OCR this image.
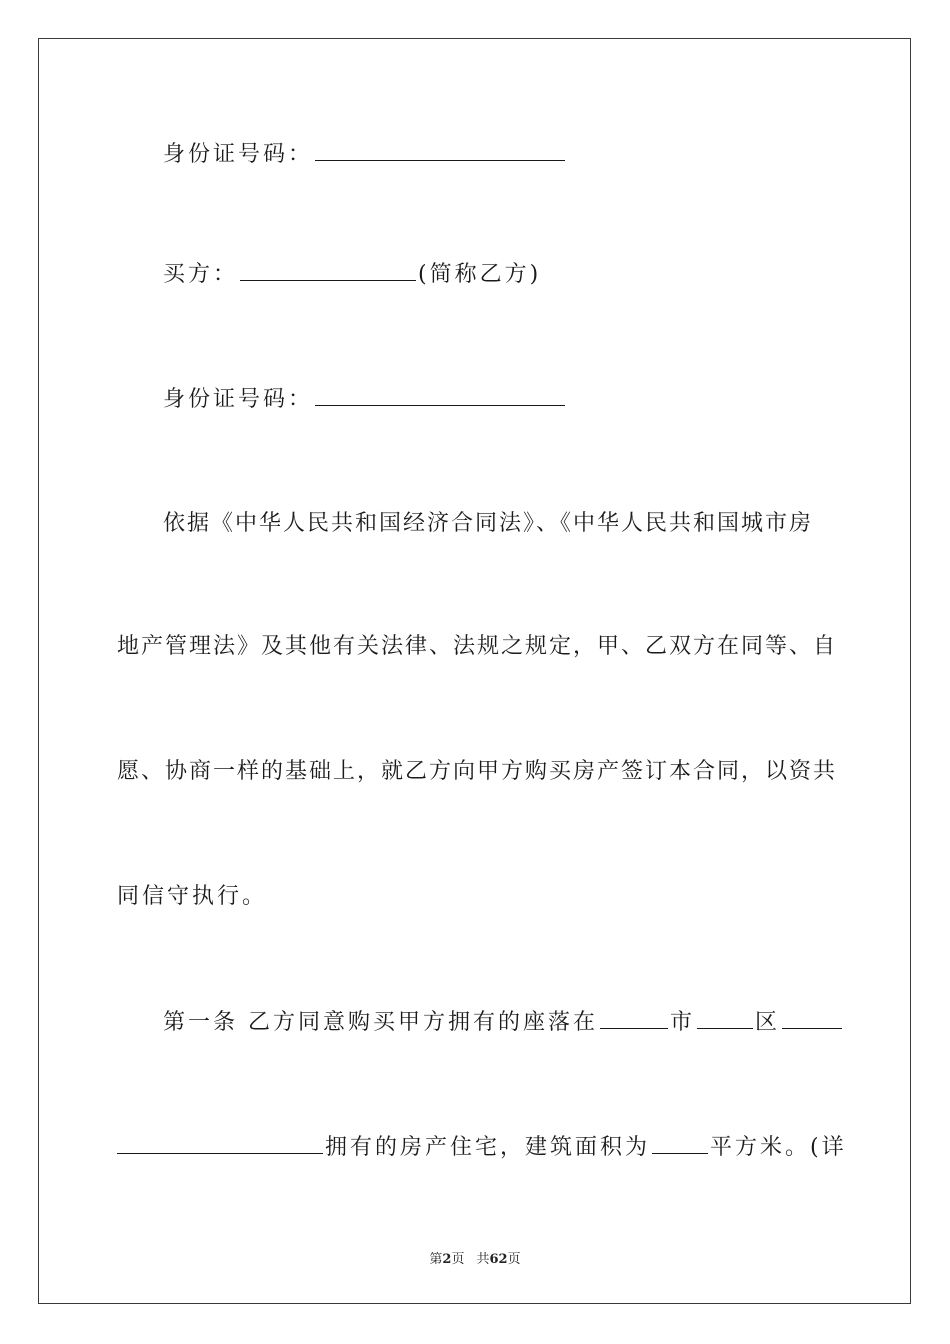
身份证号码：
买方：	(简称乙方)
身份证号码：
依据《中华人民共和国经济合同法》、《中华人民共和国城市房
地产管理法》及其他有关法律、法规之规定，甲、乙双方在同等、自
愿、协商一样的基础上，就乙方向甲方购买房产签订本合同，以资共
同信守执行。
第一条 乙方同意购买甲方拥有的座落在	市	区
拥有的房产住宅，建筑面积为	平方米。(详
第2页 共62页
